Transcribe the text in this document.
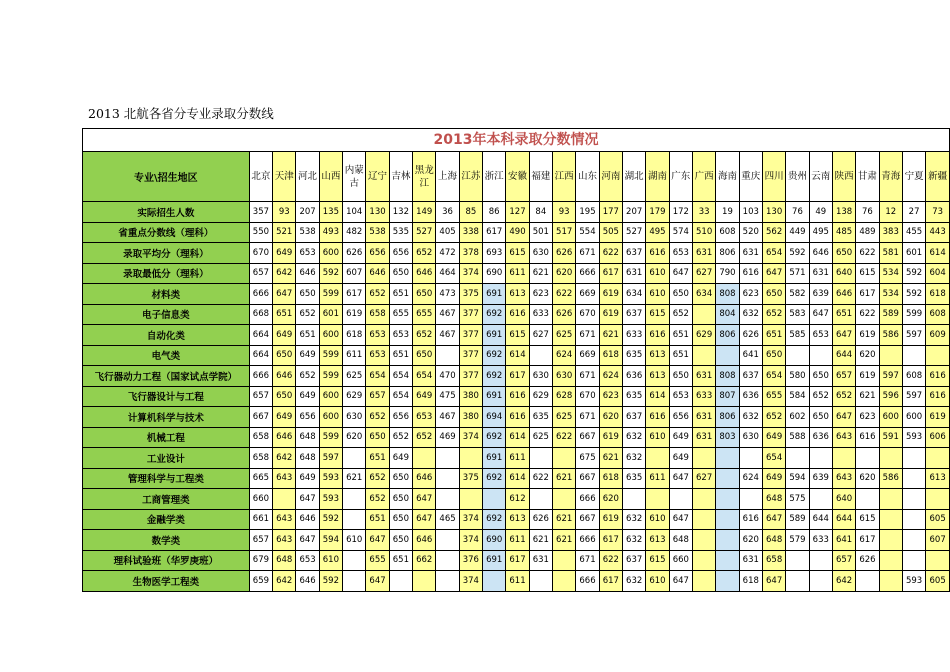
2013 北航各省分专业录取分数线
2013年本科录取分数情况																														
专业\招生地区	北京	天津	河北	山西	内蒙古	辽宁	吉林	黑龙江	上海	江苏	浙江	安徽	福建	江西	山东	河南	湖北	湖南	广东	广西	海南	重庆	四川	贵州	云南	陕西	甘肃	青海	宁夏	新疆
实际招生人数	357	93	207	135	104	130	132	149	36	85	86	127	84	93	195	177	207	179	172	33	19	103	130	76	49	138	76	12	27	73
省重点分数线（理科）	550	521	538	493	482	538	535	527	405	338	617	490	501	517	554	505	527	495	574	510	608	520	562	449	495	485	489	383	455	443
录取平均分（理科）	670	649	653	600	626	656	656	652	472	378	693	615	630	626	671	622	637	616	653	631	806	631	654	592	646	650	622	581	601	614
录取最低分（理科）	657	642	646	592	607	646	650	646	464	374	690	611	621	620	666	617	631	610	647	627	790	616	647	571	631	640	615	534	592	604
材料类	666	647	650	599	617	652	651	650	473	375	691	613	623	622	669	619	634	610	650	634	808	623	650	582	639	646	617	534	592	618
电子信息类	668	651	652	601	619	658	655	655	467	377	692	616	633	626	670	619	637	615	652		804	632	652	583	647	651	622	589	599	608
自动化类	664	649	651	600	618	653	653	652	467	377	691	615	627	625	671	621	633	616	651	629	806	626	651	585	653	647	619	586	597	609
电气类	664	650	649	599	611	653	651	650		377	692	614		624	669	618	635	613	651			641	650			644	620			
飞行器动力工程（国家试点学院）	666	646	652	599	625	654	654	654	470	377	692	617	630	630	671	624	636	613	650	631	808	637	654	580	650	657	619	597	608	616
飞行器设计与工程	657	650	649	600	629	657	654	649	475	380	691	616	629	628	670	623	635	614	653	633	807	636	655	584	652	652	621	596	597	616
计算机科学与技术	667	649	656	600	630	652	656	653	467	380	694	616	635	625	671	620	637	616	656	631	806	632	652	602	650	647	623	600	600	619
机械工程	658	646	648	599	620	650	652	652	469	374	692	614	625	622	667	619	632	610	649	631	803	630	649	588	636	643	616	591	593	606
工业设计	658	642	648	597		651	649				691	611			675	621	632		649				654							
管理科学与工程类	665	643	649	593	621	652	650	646		375	692	614	622	621	667	618	635	611	647	627		624	649	594	639	643	620	586		613
工商管理类	660		647	593		652	650	647				612			666	620							648	575		640				
金融学类	661	643	646	592		651	650	647	465	374	692	613	626	621	667	619	632	610	647			616	647	589	644	644	615			605
数学类	657	643	647	594	610	647	650	646		374	690	611	621	621	666	617	632	613	648			620	648	579	633	641	617			607
理科试验班（华罗庚班）	679	648	653	610		655	651	662		376	691	617	631		671	622	637	615	660			631	658			657	626			
生物医学工程类	659	642	646	592		647				374		611			666	617	632	610	647			618	647			642			593	605
